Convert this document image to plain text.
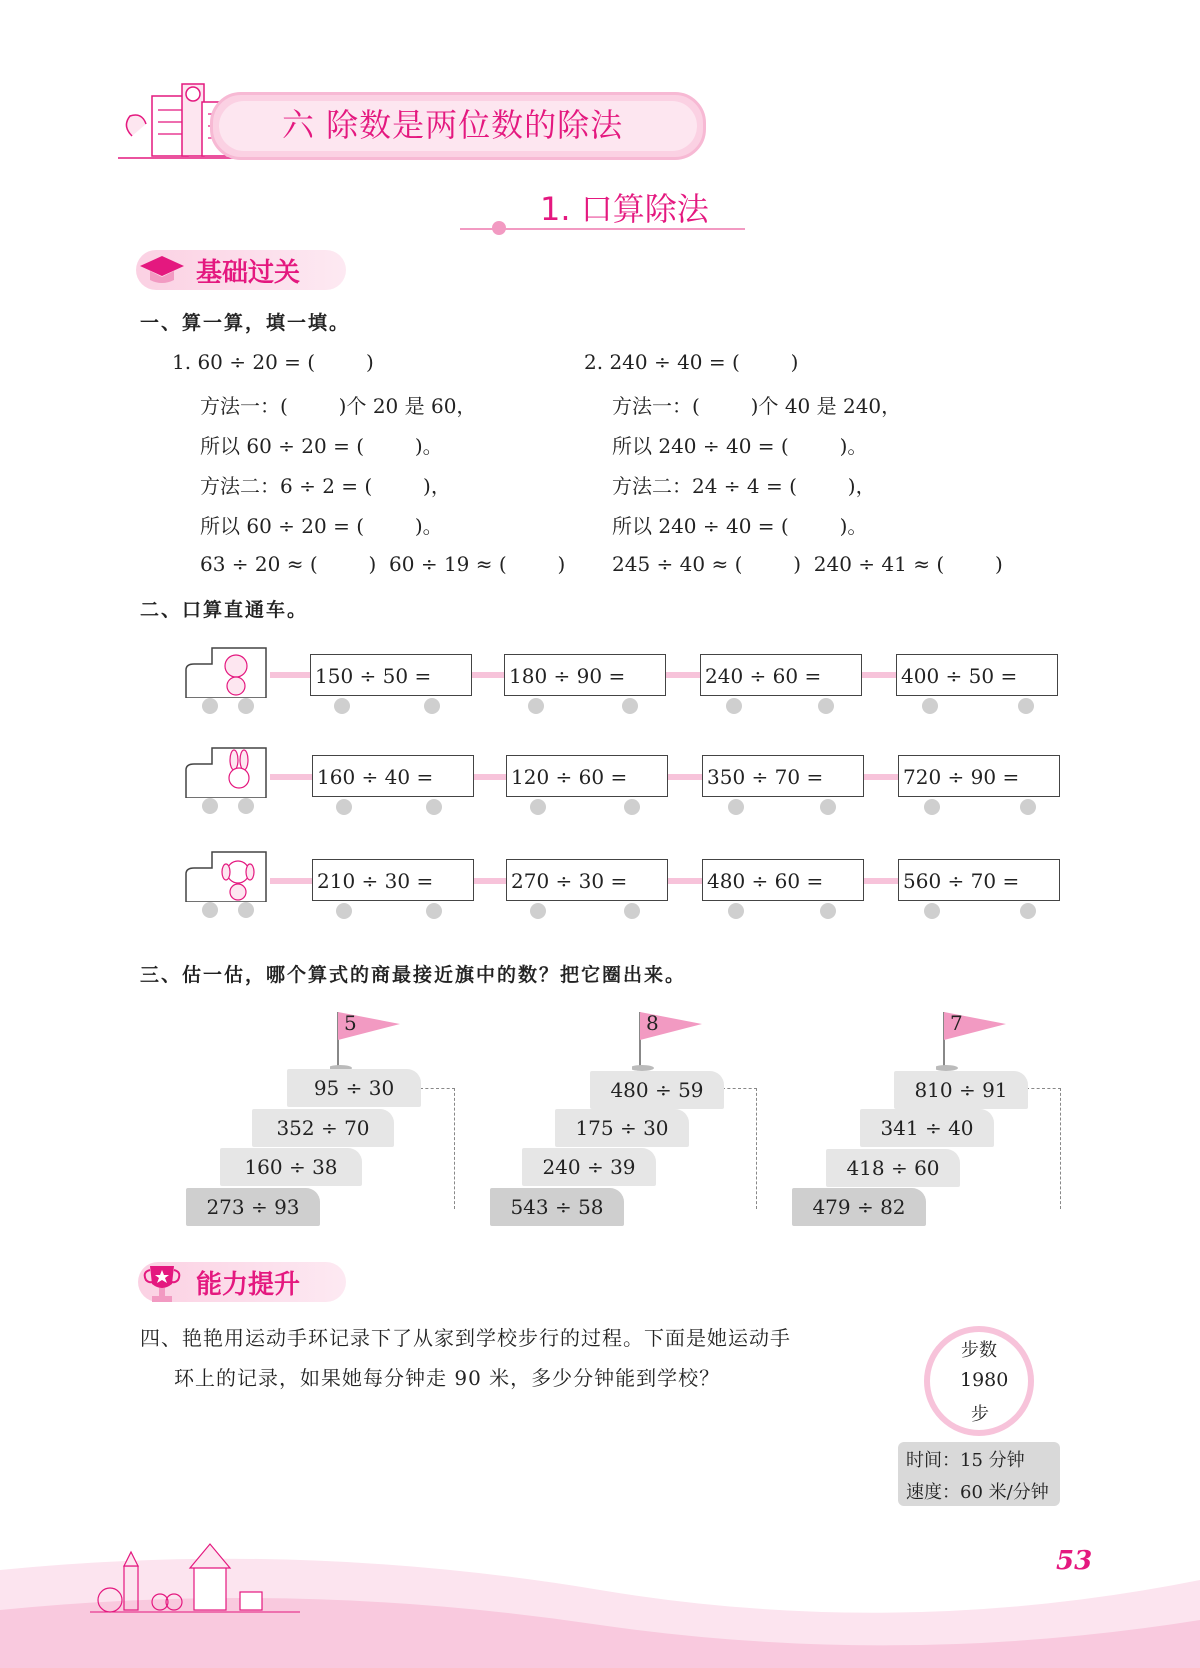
六 除数是两位数的除法
1. 口算除法
基础过关
一、算一算，填一填。
1. 60 ÷ 20 = (        )
方法一：(        )个 20 是 60，
所以 60 ÷ 20 = (        )。
方法二：6 ÷ 2 = (        )，
所以 60 ÷ 20 = (        )。
63 ÷ 20 ≈ (        )  60 ÷ 19 ≈ (        )
2. 240 ÷ 40 = (        )
方法一：(        )个 40 是 240，
所以 240 ÷ 40 = (        )。
方法二：24 ÷ 4 = (        )，
所以 240 ÷ 40 = (        )。
245 ÷ 40 ≈ (        )  240 ÷ 41 ≈ (        )
二、口算直通车。
150 ÷ 50 =	180 ÷ 90 =	240 ÷ 60 =	400 ÷ 50 =
160 ÷ 40 =	120 ÷ 60 =	350 ÷ 70 =	720 ÷ 90 =
210 ÷ 30 =	270 ÷ 30 =	480 ÷ 60 =	560 ÷ 70 =
三、估一估，哪个算式的商最接近旗中的数？把它圈出来。
5
95 ÷ 30
352 ÷ 70
160 ÷ 38
273 ÷ 93
8
480 ÷ 59
175 ÷ 30
240 ÷ 39
543 ÷ 58
7
810 ÷ 91
341 ÷ 40
418 ÷ 60
479 ÷ 82
能力提升
四、艳艳用运动手环记录下了从家到学校步行的过程。下面是她运动手
环上的记录，如果她每分钟走 90 米，多少分钟能到学校？
步数
1980
步
时间：15 分钟
速度：60 米/分钟
53
